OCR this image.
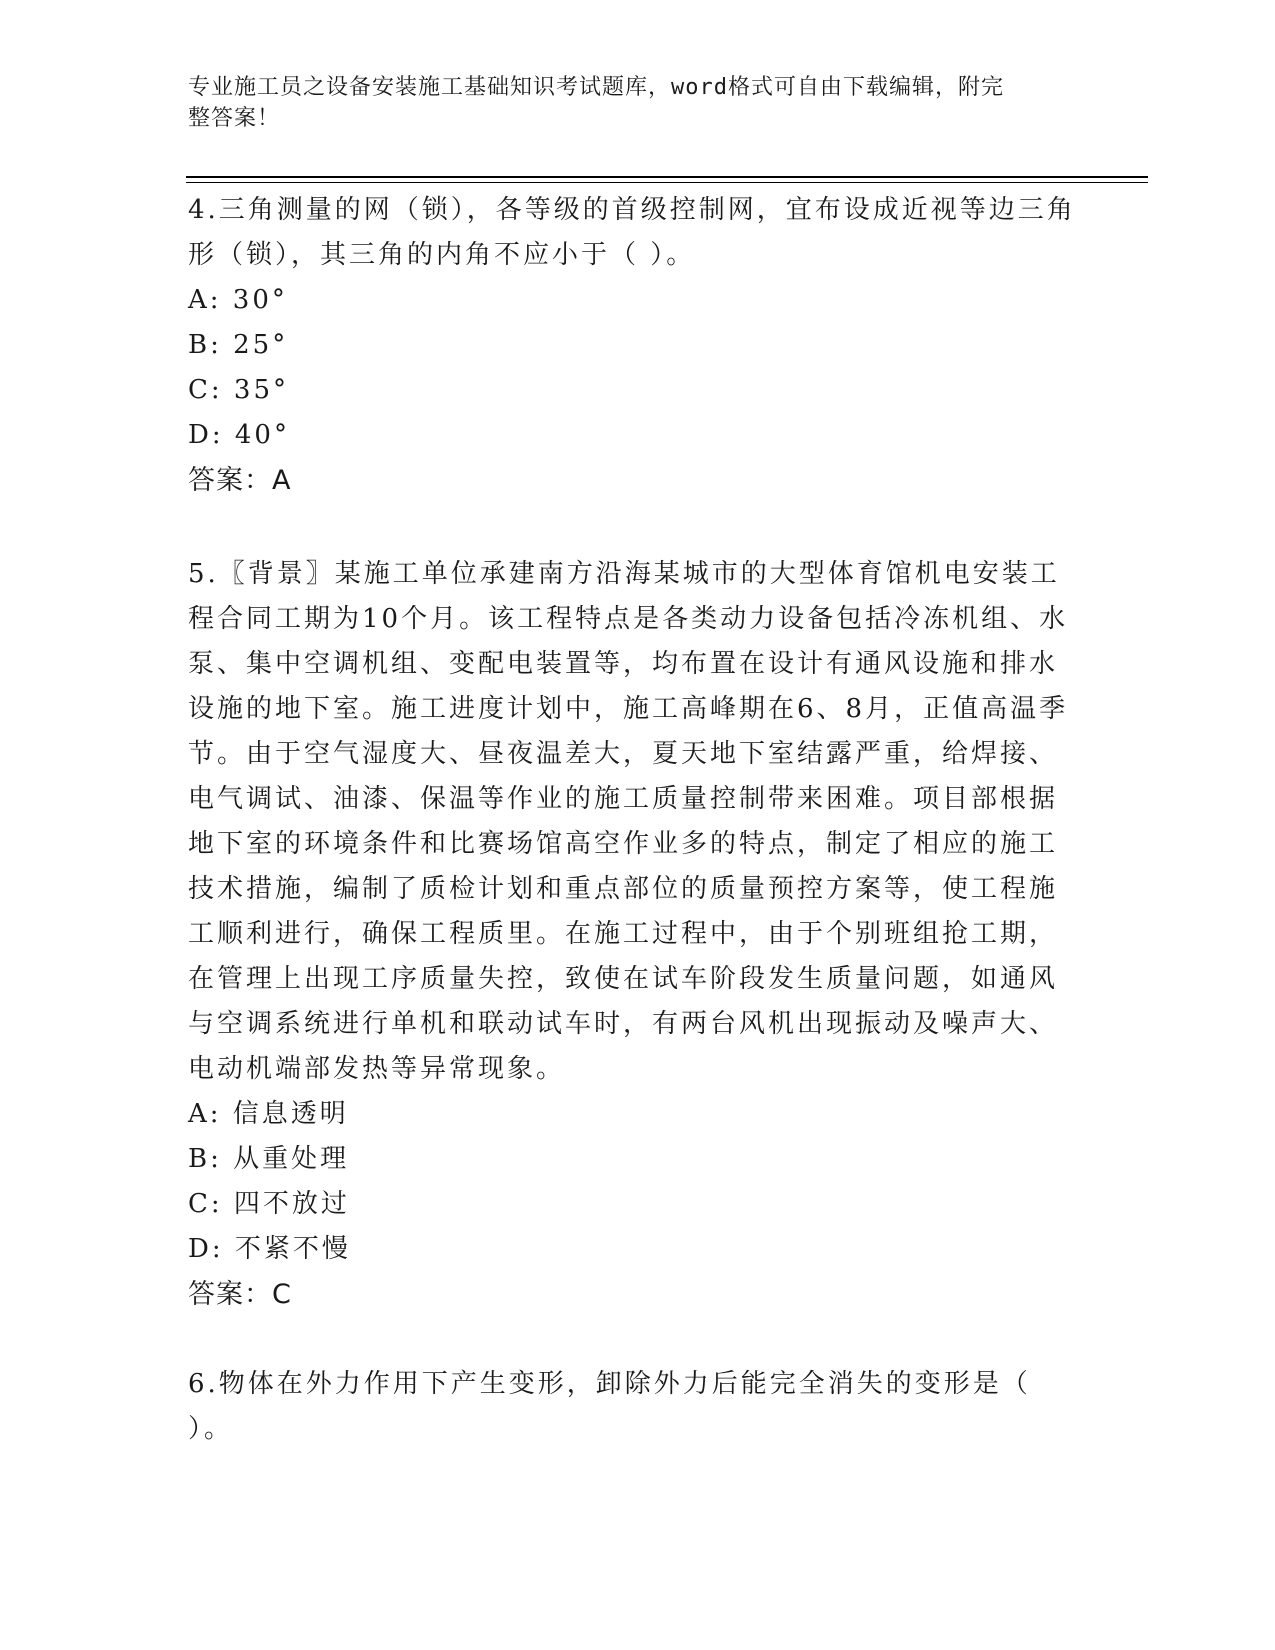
专业施工员之设备安装施工基础知识考试题库，word格式可自由下载编辑，附完
整答案！
4.三角测量的网（锁），各等级的首级控制网，宜布设成近视等边三角形（锁），其三角的内角不应小于（ ）。
A: 30°
B: 25°
C: 35°
D: 40°
答案：A
5.〖背景〗某施工单位承建南方沿海某城市的大型体育馆机电安装工程合同工期为10个月。该工程特点是各类动力设备包括冷冻机组、水泵、集中空调机组、变配电装置等，均布置在设计有通风设施和排水设施的地下室。施工进度计划中，施工高峰期在6、8月，正值高温季节。由于空气湿度大、昼夜温差大，夏天地下室结露严重，给焊接、电气调试、油漆、保温等作业的施工质量控制带来困难。项目部根据地下室的环境条件和比赛场馆高空作业多的特点，制定了相应的施工技术措施，编制了质检计划和重点部位的质量预控方案等，使工程施工顺利进行，确保工程质里。在施工过程中，由于个别班组抢工期，在管理上出现工序质量失控，致使在试车阶段发生质量问题，如通风与空调系统进行单机和联动试车时，有两台风机出现振动及噪声大、电动机端部发热等异常现象。
A: 信息透明
B: 从重处理
C: 四不放过
D: 不紧不慢
答案：C
6.物体在外力作用下产生变形，卸除外力后能完全消失的变形是（ ）。
